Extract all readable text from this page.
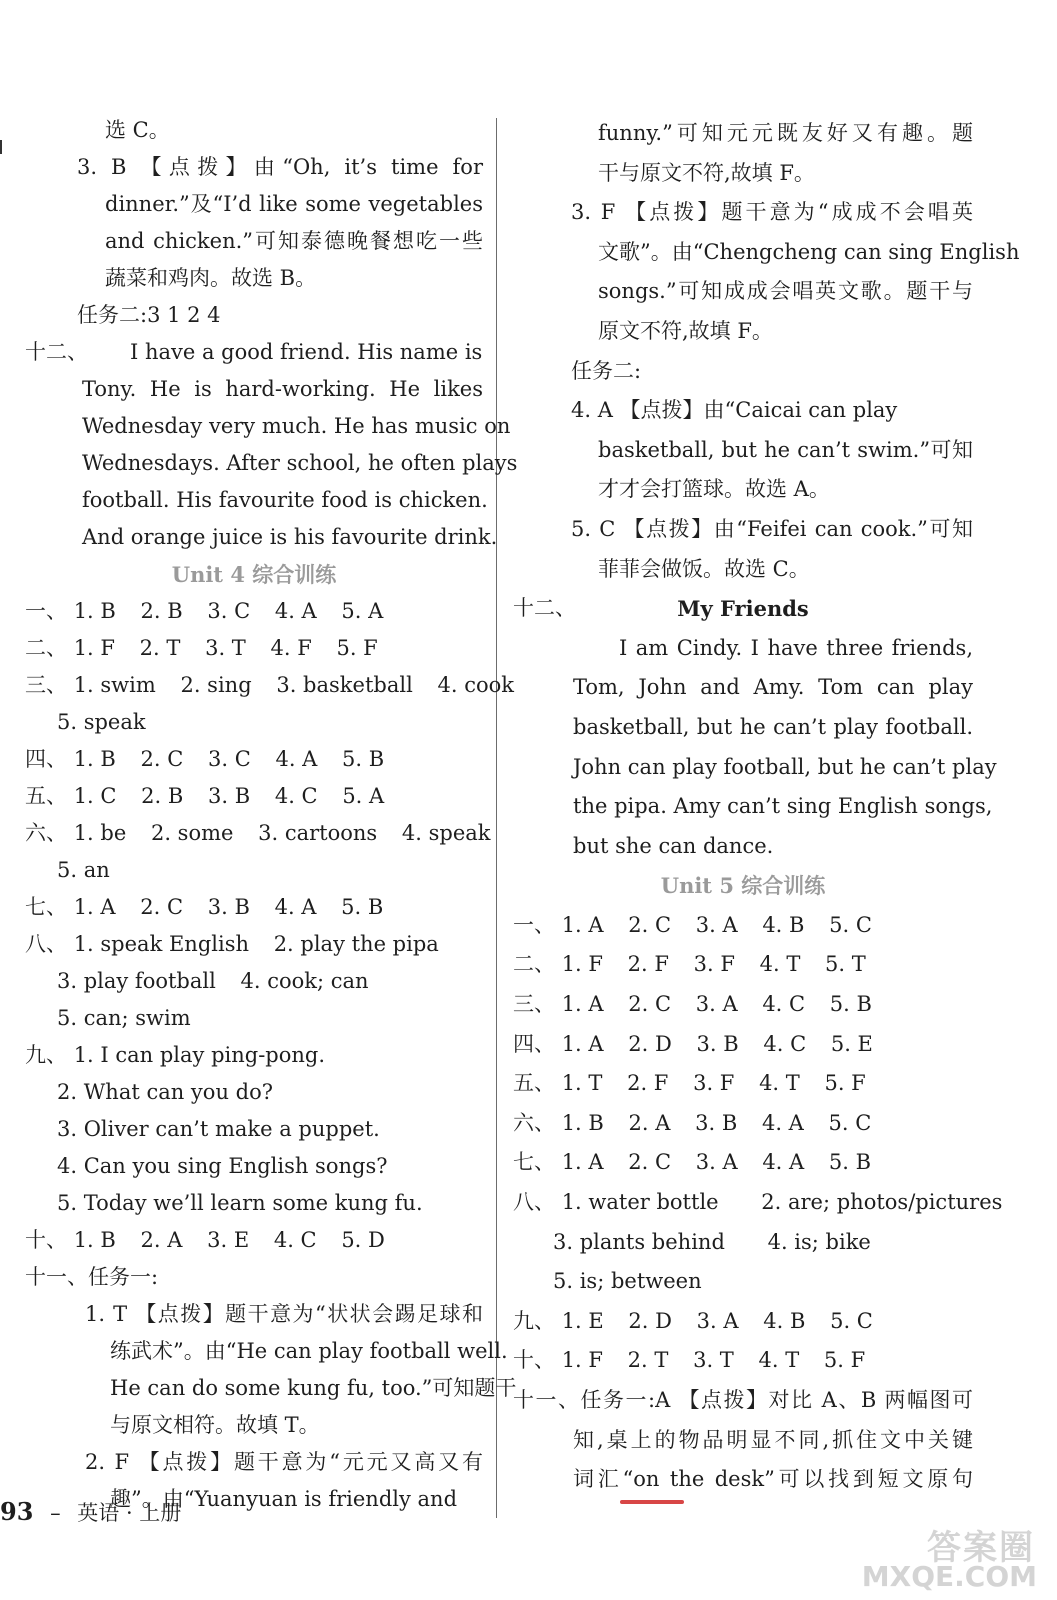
选 C。
3. B 【点拨】由“Oh, it’s time for
dinner.”及“I’d like some vegetables
and chicken.”可知泰德晚餐想吃一些
蔬菜和鸡肉。故选 B。
任务二:3 1 2 4
十二、 I have a good friend. His name is
Tony. He is hard-working. He likes
Wednesday very much. He has music on
Wednesdays. After school, he often plays
football. His favourite food is chicken.
And orange juice is his favourite drink.
Unit 4 综合训练
一、 1. B 2. B 3. C 4. A 5. A
二、 1. F 2. T 3. T 4. F 5. F
三、 1. swim 2. sing 3. basketball 4. cook
5. speak
四、 1. B 2. C 3. C 4. A 5. B
五、 1. C 2. B 3. B 4. C 5. A
六、 1. be 2. some 3. cartoons 4. speak
5. an
七、 1. A 2. C 3. B 4. A 5. B
八、 1. speak English 2. play the pipa
3. play football 4. cook; can
5. can; swim
九、 1. I can play ping-pong.
2. What can you do?
3. Oliver can’t make a puppet.
4. Can you sing English songs?
5. Today we’ll learn some kung fu.
十、 1. B 2. A 3. E 4. C 5. D
十一、任务一:
1. T 【点拨】题干意为“状状会踢足球和
练武术”。由“He can play football well.
He can do some kung fu, too.”可知题干
与原文相符。故填 T。
2. F 【点拨】题干意为“元元又高又有
趣”。由“Yuanyuan is friendly and
funny.”可知元元既友好又有趣。题
干与原文不符,故填 F。
3. F 【点拨】题干意为“成成不会唱英
文歌”。由“Chengcheng can sing English
songs.”可知成成会唱英文歌。题干与
原文不符,故填 F。
任务二:
4. A 【点拨】由“Caicai can play
basketball, but he can’t swim.”可知
才才会打篮球。故选 A。
5. C 【点拨】由“Feifei can cook.”可知
菲菲会做饭。故选 C。
十二、	My Friends
I am Cindy. I have three friends,
Tom, John and Amy. Tom can play
basketball, but he can’t play football.
John can play football, but he can’t play
the pipa. Amy can’t sing English songs,
but she can dance.
Unit 5 综合训练
一、 1. A 2. C 3. A 4. B 5. C
二、 1. F 2. F 3. F 4. T 5. T
三、 1. A 2. C 3. A 4. C 5. B
四、 1. A 2. D 3. B 4. C 5. E
五、 1. T 2. F 3. F 4. T 5. F
六、 1. B 2. A 3. B 4. A 5. C
七、 1. A 2. C 3. A 4. A 5. B
八、 1. water bottle 2. are; photos/pictures
3. plants behind 4. is; bike
5. is; between
九、 1. E 2. D 3. A 4. B 5. C
十、 1. F 2. T 3. T 4. T 5. F
十一、任务一:A 【点拨】对比 A、B 两幅图可
知,桌上的物品明显不同,抓住文中关键
词汇“on the desk”可以找到短文原句
93 – 英语 · 上册
答案圈
MXQE.COM
